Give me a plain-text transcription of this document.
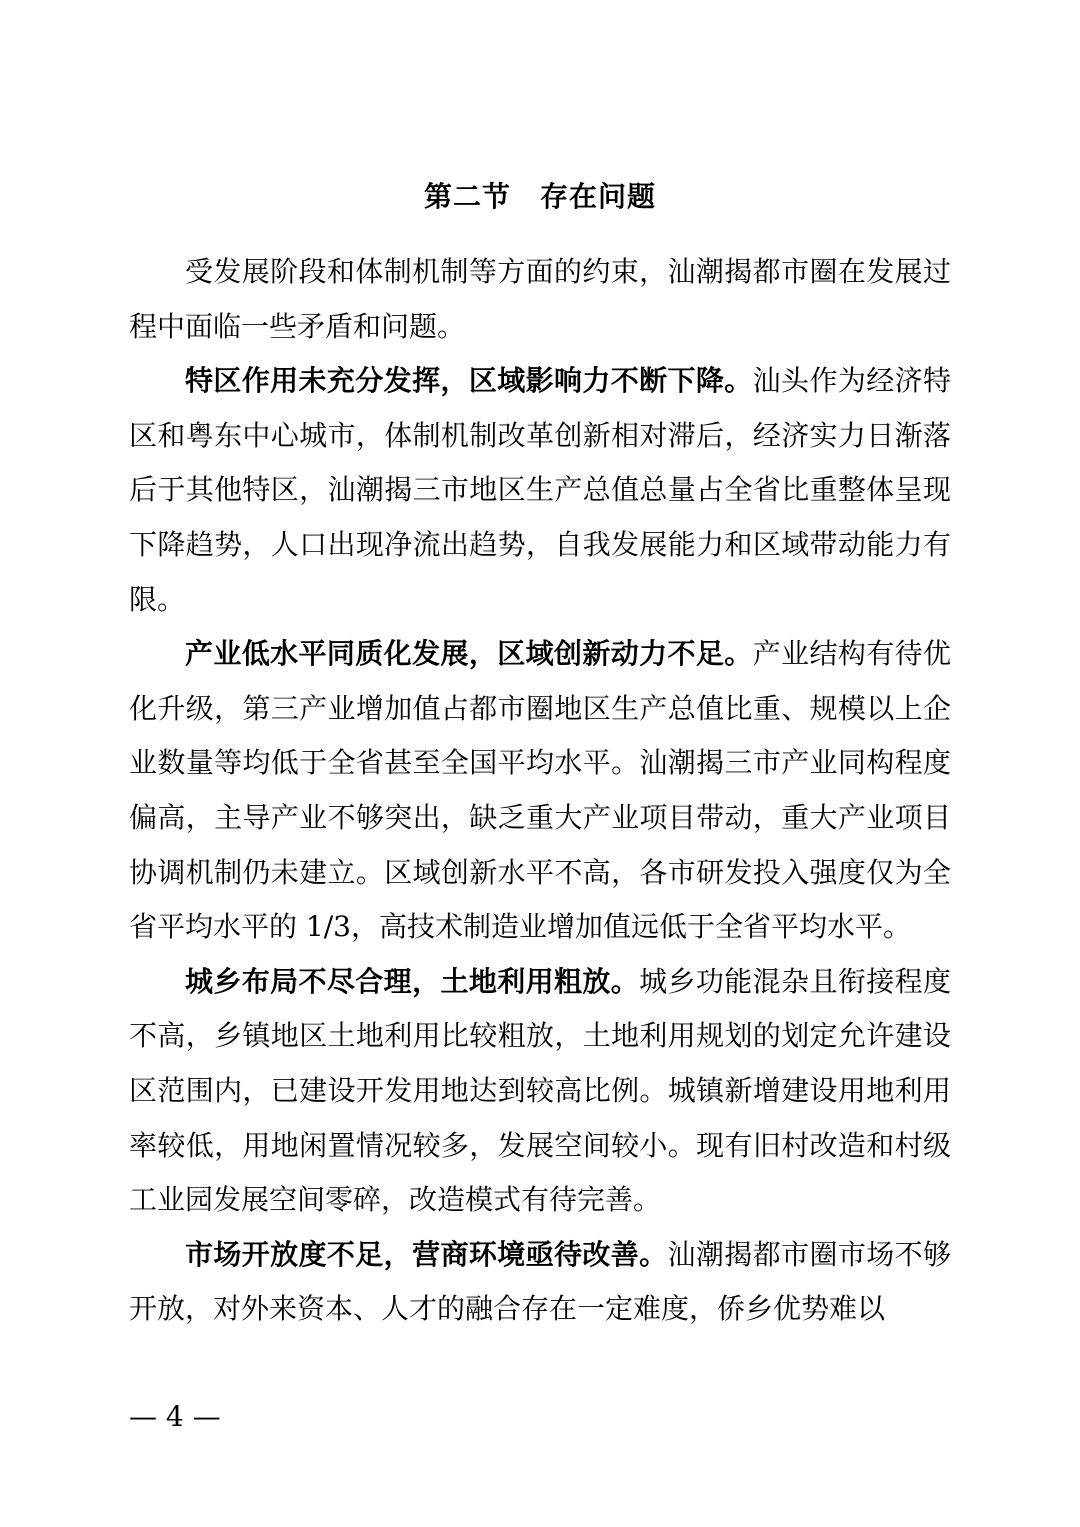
第二节　存在问题

受发展阶段和体制机制等方面的约束，汕潮揭都市圈在发展过程中面临一些矛盾和问题。

特区作用未充分发挥，区域影响力不断下降。汕头作为经济特区和粤东中心城市，体制机制改革创新相对滞后，经济实力日渐落后于其他特区，汕潮揭三市地区生产总值总量占全省比重整体呈现下降趋势，人口出现净流出趋势，自我发展能力和区域带动能力有限。

产业低水平同质化发展，区域创新动力不足。产业结构有待优化升级，第三产业增加值占都市圈地区生产总值比重、规模以上企业数量等均低于全省甚至全国平均水平。汕潮揭三市产业同构程度偏高，主导产业不够突出，缺乏重大产业项目带动，重大产业项目协调机制仍未建立。区域创新水平不高，各市研发投入强度仅为全省平均水平的 1/3，高技术制造业增加值远低于全省平均水平。

城乡布局不尽合理，土地利用粗放。城乡功能混杂且衔接程度不高，乡镇地区土地利用比较粗放，土地利用规划的划定允许建设区范围内，已建设开发用地达到较高比例。城镇新增建设用地利用率较低，用地闲置情况较多，发展空间较小。现有旧村改造和村级工业园发展空间零碎，改造模式有待完善。

市场开放度不足，营商环境亟待改善。汕潮揭都市圈市场不够开放，对外来资本、人才的融合存在一定难度，侨乡优势难以

— 4 —
